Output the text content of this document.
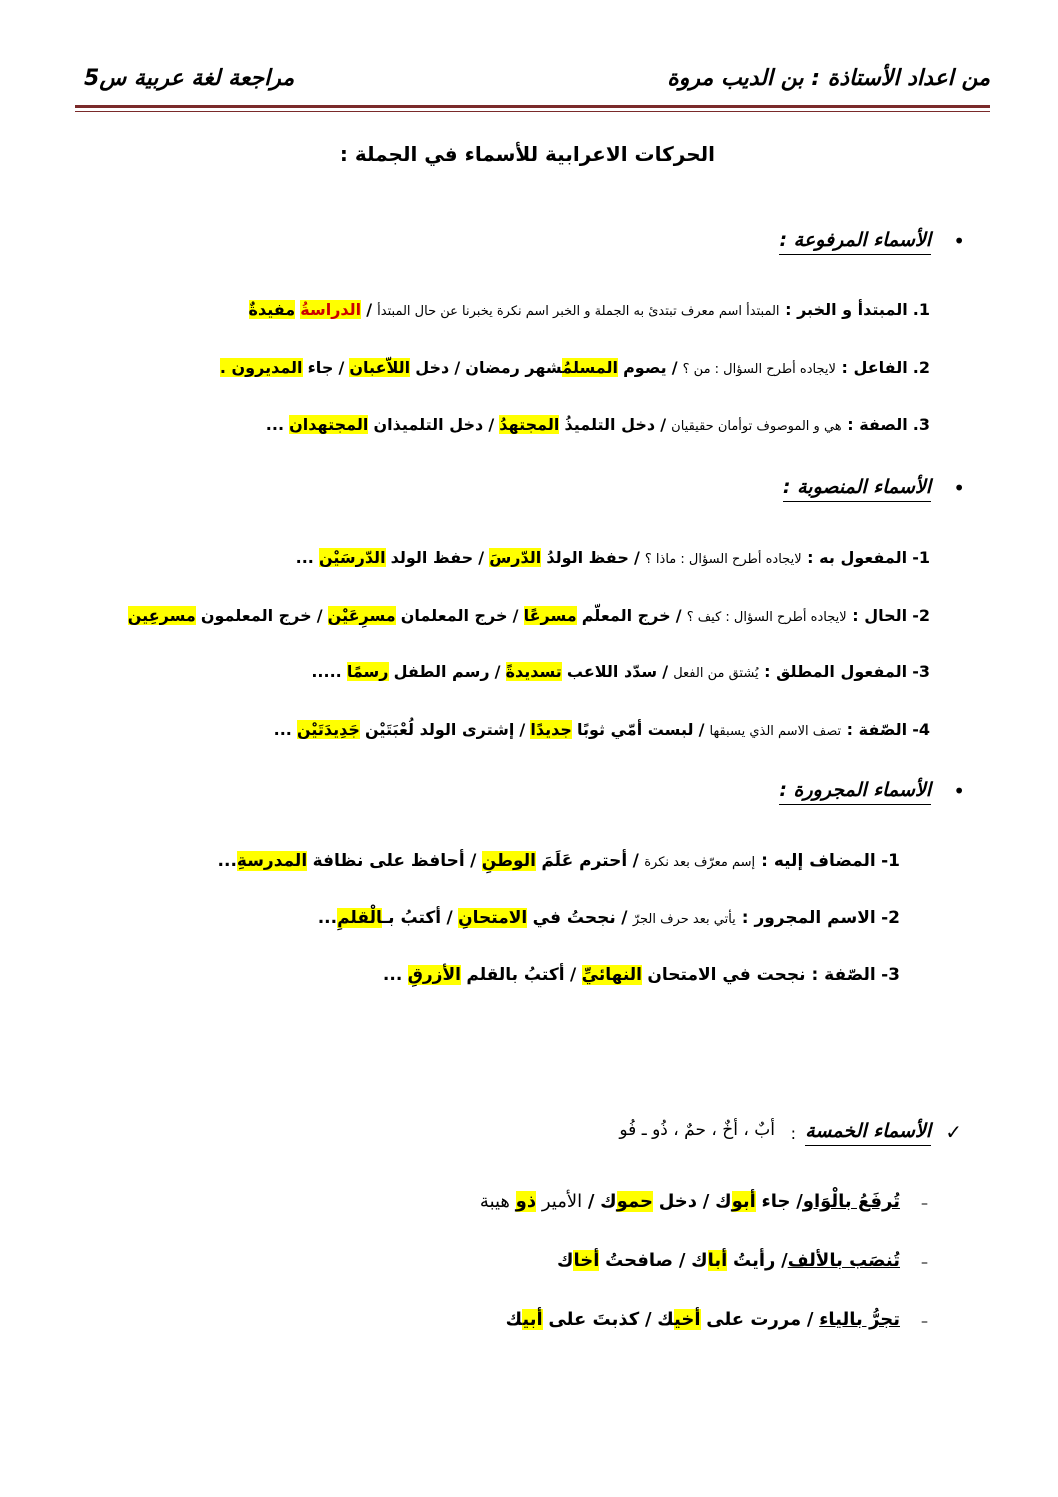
مراجعة لغة عربية س5	من اعداد الأستاذة : بن الديب مروة
الحركات الاعرابية للأسماء في الجملة :
•
الأسماء المرفوعة :
1. المبتدأ و الخبر : المبتدأ اسم معرف تبتدئ به الجملة و الخبر اسم نكرة يخبرنا عن حال المبتدأ / الدراسةُ مفيدةٌ
2. الفاعل : لايجاده أطرح السؤال : من ؟ / يصوم المسلمُشهر رمضان / دخل اللاّعبان / جاء المديرون .
3. الصفة : هي و الموصوف توأمان حقيقيان / دخل التلميذُ المجتهدُ / دخل التلميذان المجتهدان ...
•
الأسماء المنصوبة :
1- المفعول به : لايجاده أطرح السؤال : ماذا ؟ / حفظ الولدُ الدّرسَ / حفظ الولد الدّرسَيْن ...
2- الحال : لايجاده أطرح السؤال : كيف ؟ / خرج المعلّم مسرعًا / خرج المعلمان مسرِعَيْن / خرج المعلمون مسرعِين
3- المفعول المطلق : يُشتق من الفعل / سدّد اللاعب تسديدةً / رسم الطفل رسمًا .....
4- الصّفة : تصف الاسم الذي يسبقها / لبست أمّي ثوبًا جديدًا / إشترى الولد لُعْبَتَيْن جَدِيدَتَيْن ...
•
الأسماء المجرورة :
1- المضاف إليه : إسم معرّف بعد نكرة / أحترم عَلَمَ الوطنِ / أحافظ على نظافة المدرسةِ...
2- الاسم المجرور : يأتي بعد حرف الجرّ / نجحتُ في الامتحانِ / أكتبُ بـالْقلمِ...
3- الصّفة : نجحت في الامتحان النهائيِّ / أكتبُ بالقلم الأزرقِ ...
✓
الأسماء الخمسة
:
أبٌ ، أخٌ ، حمٌ ، ذُو ـ فُو
–
تُرفَعُ بالْوَاو/ جاء أبوك / دخل حموك / الأمير ذو هيبة
–
تُنصَب بالألف/ رأيتُ أباك / صافحتُ أخاك
–
تجرُّ بالياء / مررت على أخيك / كذبتَ على أبيك
